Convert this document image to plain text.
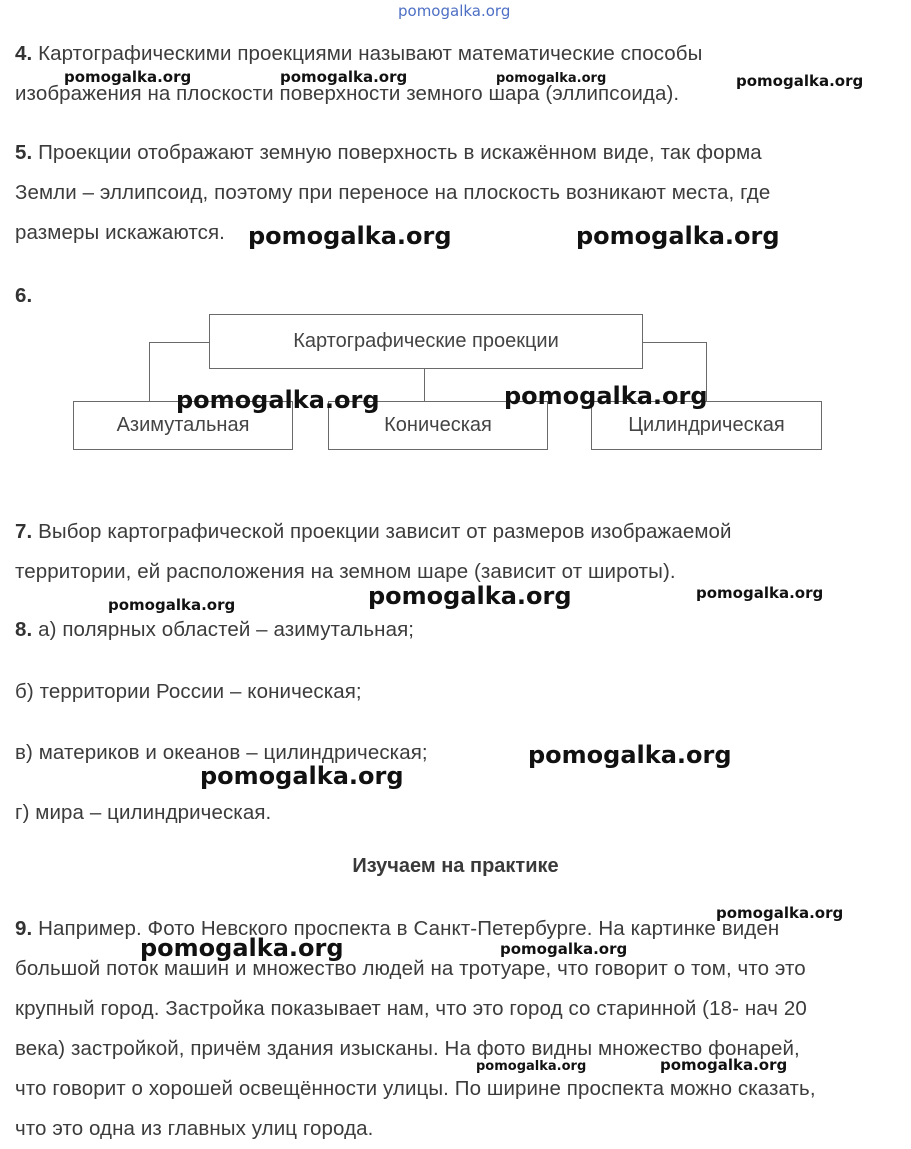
pomogalka.org
4. Картографическими проекциями называют математические способы
изображения на плоскости поверхности земного шара (эллипсоида).
5. Проекции отображают земную поверхность в искажённом виде, так форма
Земли – эллипсоид, поэтому при переносе на плоскость возникают места, где
размеры искажаются.
6.
Картографические проекции
Азимутальная	Коническая	Цилиндрическая
7. Выбор картографической проекции зависит от размеров изображаемой
территории, ей расположения на земном шаре (зависит от широты).
8. а) полярных областей – азимутальная;
б) территории России – коническая;
в) материков и океанов – цилиндрическая;
г) мира – цилиндрическая.
Изучаем на практике
9. Например. Фото Невского проспекта в Санкт-Петербурге. На картинке виден
большой поток машин и множество людей на тротуаре, что говорит о том, что это
крупный город. Застройка показывает нам, что это город со старинной (18- нач 20
века) застройкой, причём здания изысканы. На фото видны множество фонарей,
что говорит о хорошей освещённости улицы. По ширине проспекта можно сказать,
что это одна из главных улиц города.
pomogalka.org	pomogalka.org	pomogalka.org	pomogalka.org
pomogalka.org	pomogalka.org
pomogalka.org	pomogalka.org
pomogalka.org	pomogalka.org	pomogalka.org
pomogalka.org
pomogalka.org
pomogalka.org
pomogalka.org	pomogalka.org
pomogalka.org	pomogalka.org
